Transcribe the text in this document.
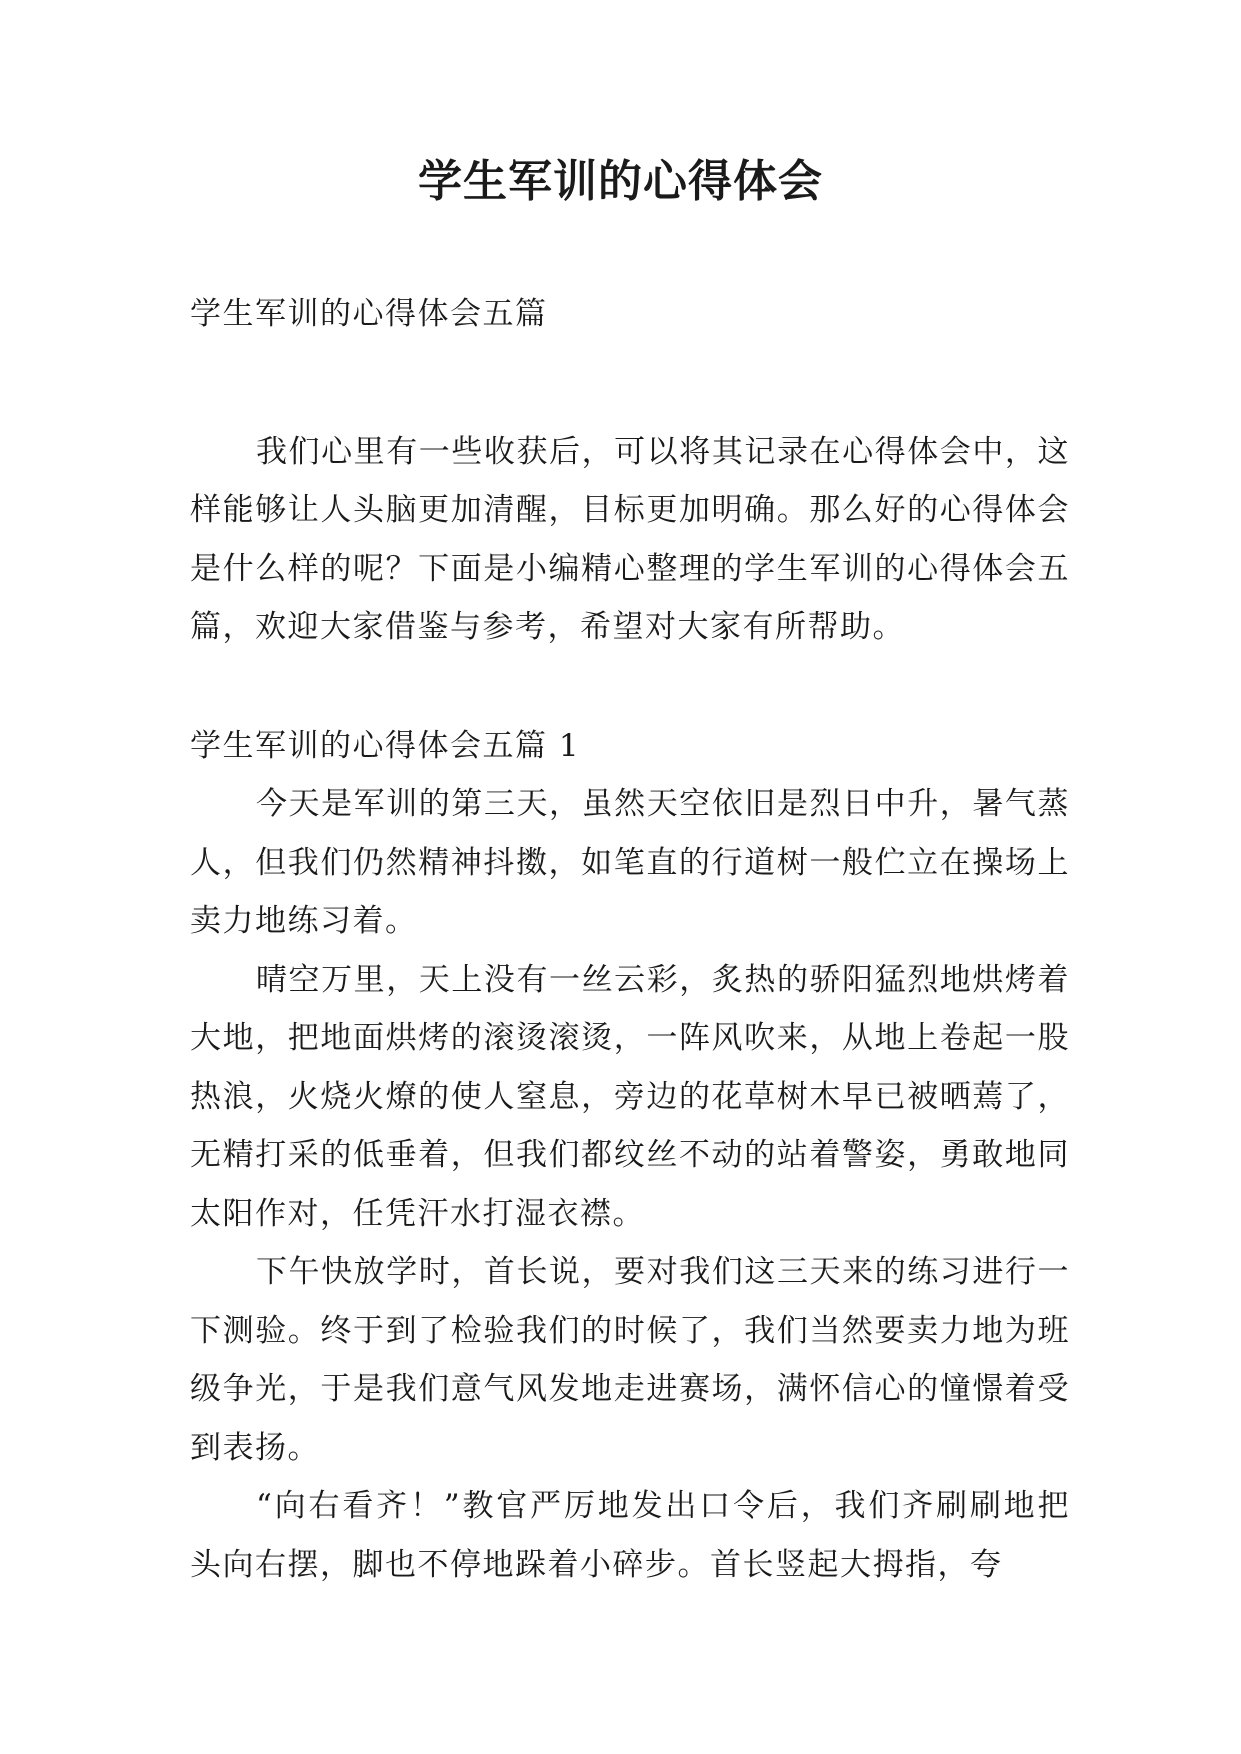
学生军训的心得体会

学生军训的心得体会五篇

我们心里有一些收获后，可以将其记录在心得体会中，这样能够让人头脑更加清醒，目标更加明确。那么好的心得体会是什么样的呢？下面是小编精心整理的学生军训的心得体会五篇，欢迎大家借鉴与参考，希望对大家有所帮助。

学生军训的心得体会五篇 1

今天是军训的第三天，虽然天空依旧是烈日中升，暑气蒸人，但我们仍然精神抖擞，如笔直的行道树一般伫立在操场上卖力地练习着。

晴空万里，天上没有一丝云彩，炙热的骄阳猛烈地烘烤着大地，把地面烘烤的滚烫滚烫，一阵风吹来，从地上卷起一股热浪，火烧火燎的使人窒息，旁边的花草树木早已被晒蔫了，无精打采的低垂着，但我们都纹丝不动的站着警姿，勇敢地同太阳作对，任凭汗水打湿衣襟。

下午快放学时，首长说，要对我们这三天来的练习进行一下测验。终于到了检验我们的时候了，我们当然要卖力地为班级争光，于是我们意气风发地走进赛场，满怀信心的憧憬着受到表扬。

“向右看齐！”教官严厉地发出口令后，我们齐刷刷地把头向右摆，脚也不停地跺着小碎步。首长竖起大拇指，夸
